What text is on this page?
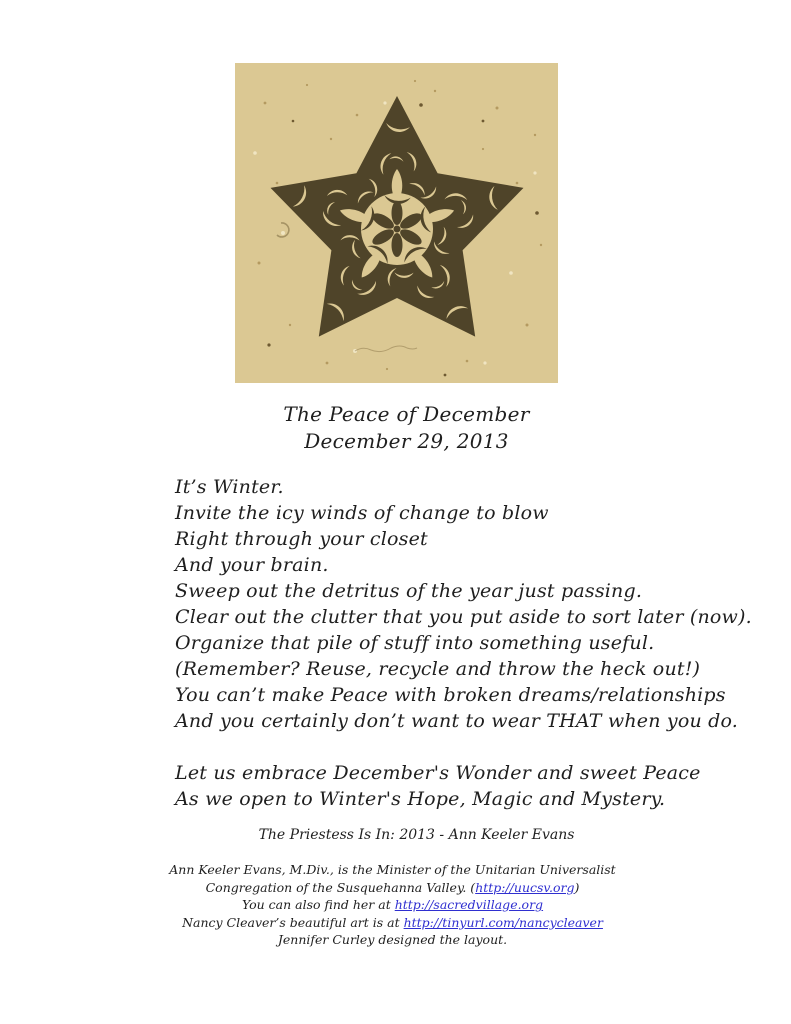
The Peace of December
December 29, 2013
It’s Winter.
Invite the icy winds of change to blow
Right through your closet
And your brain.
Sweep out the detritus of the year just passing.
Clear out the clutter that you put aside to sort later (now).
Organize that pile of stuff into something useful.
(Remember? Reuse, recycle and throw the heck out!)
You can’t make Peace with broken dreams/relationships
And you certainly don’t want to wear THAT when you do.
Let us embrace December's Wonder and sweet Peace
As we open to Winter's Hope, Magic and Mystery.
The Priestess Is In: 2013 - Ann Keeler Evans
Ann Keeler Evans, M.Div., is the Minister of the Unitarian Universalist
Congregation of the Susquehanna Valley. (http://uucsv.org)
You can also find her at http://sacredvillage.org
Nancy Cleaver’s beautiful art is at http://tinyurl.com/nancycleaver
Jennifer Curley designed the layout.
